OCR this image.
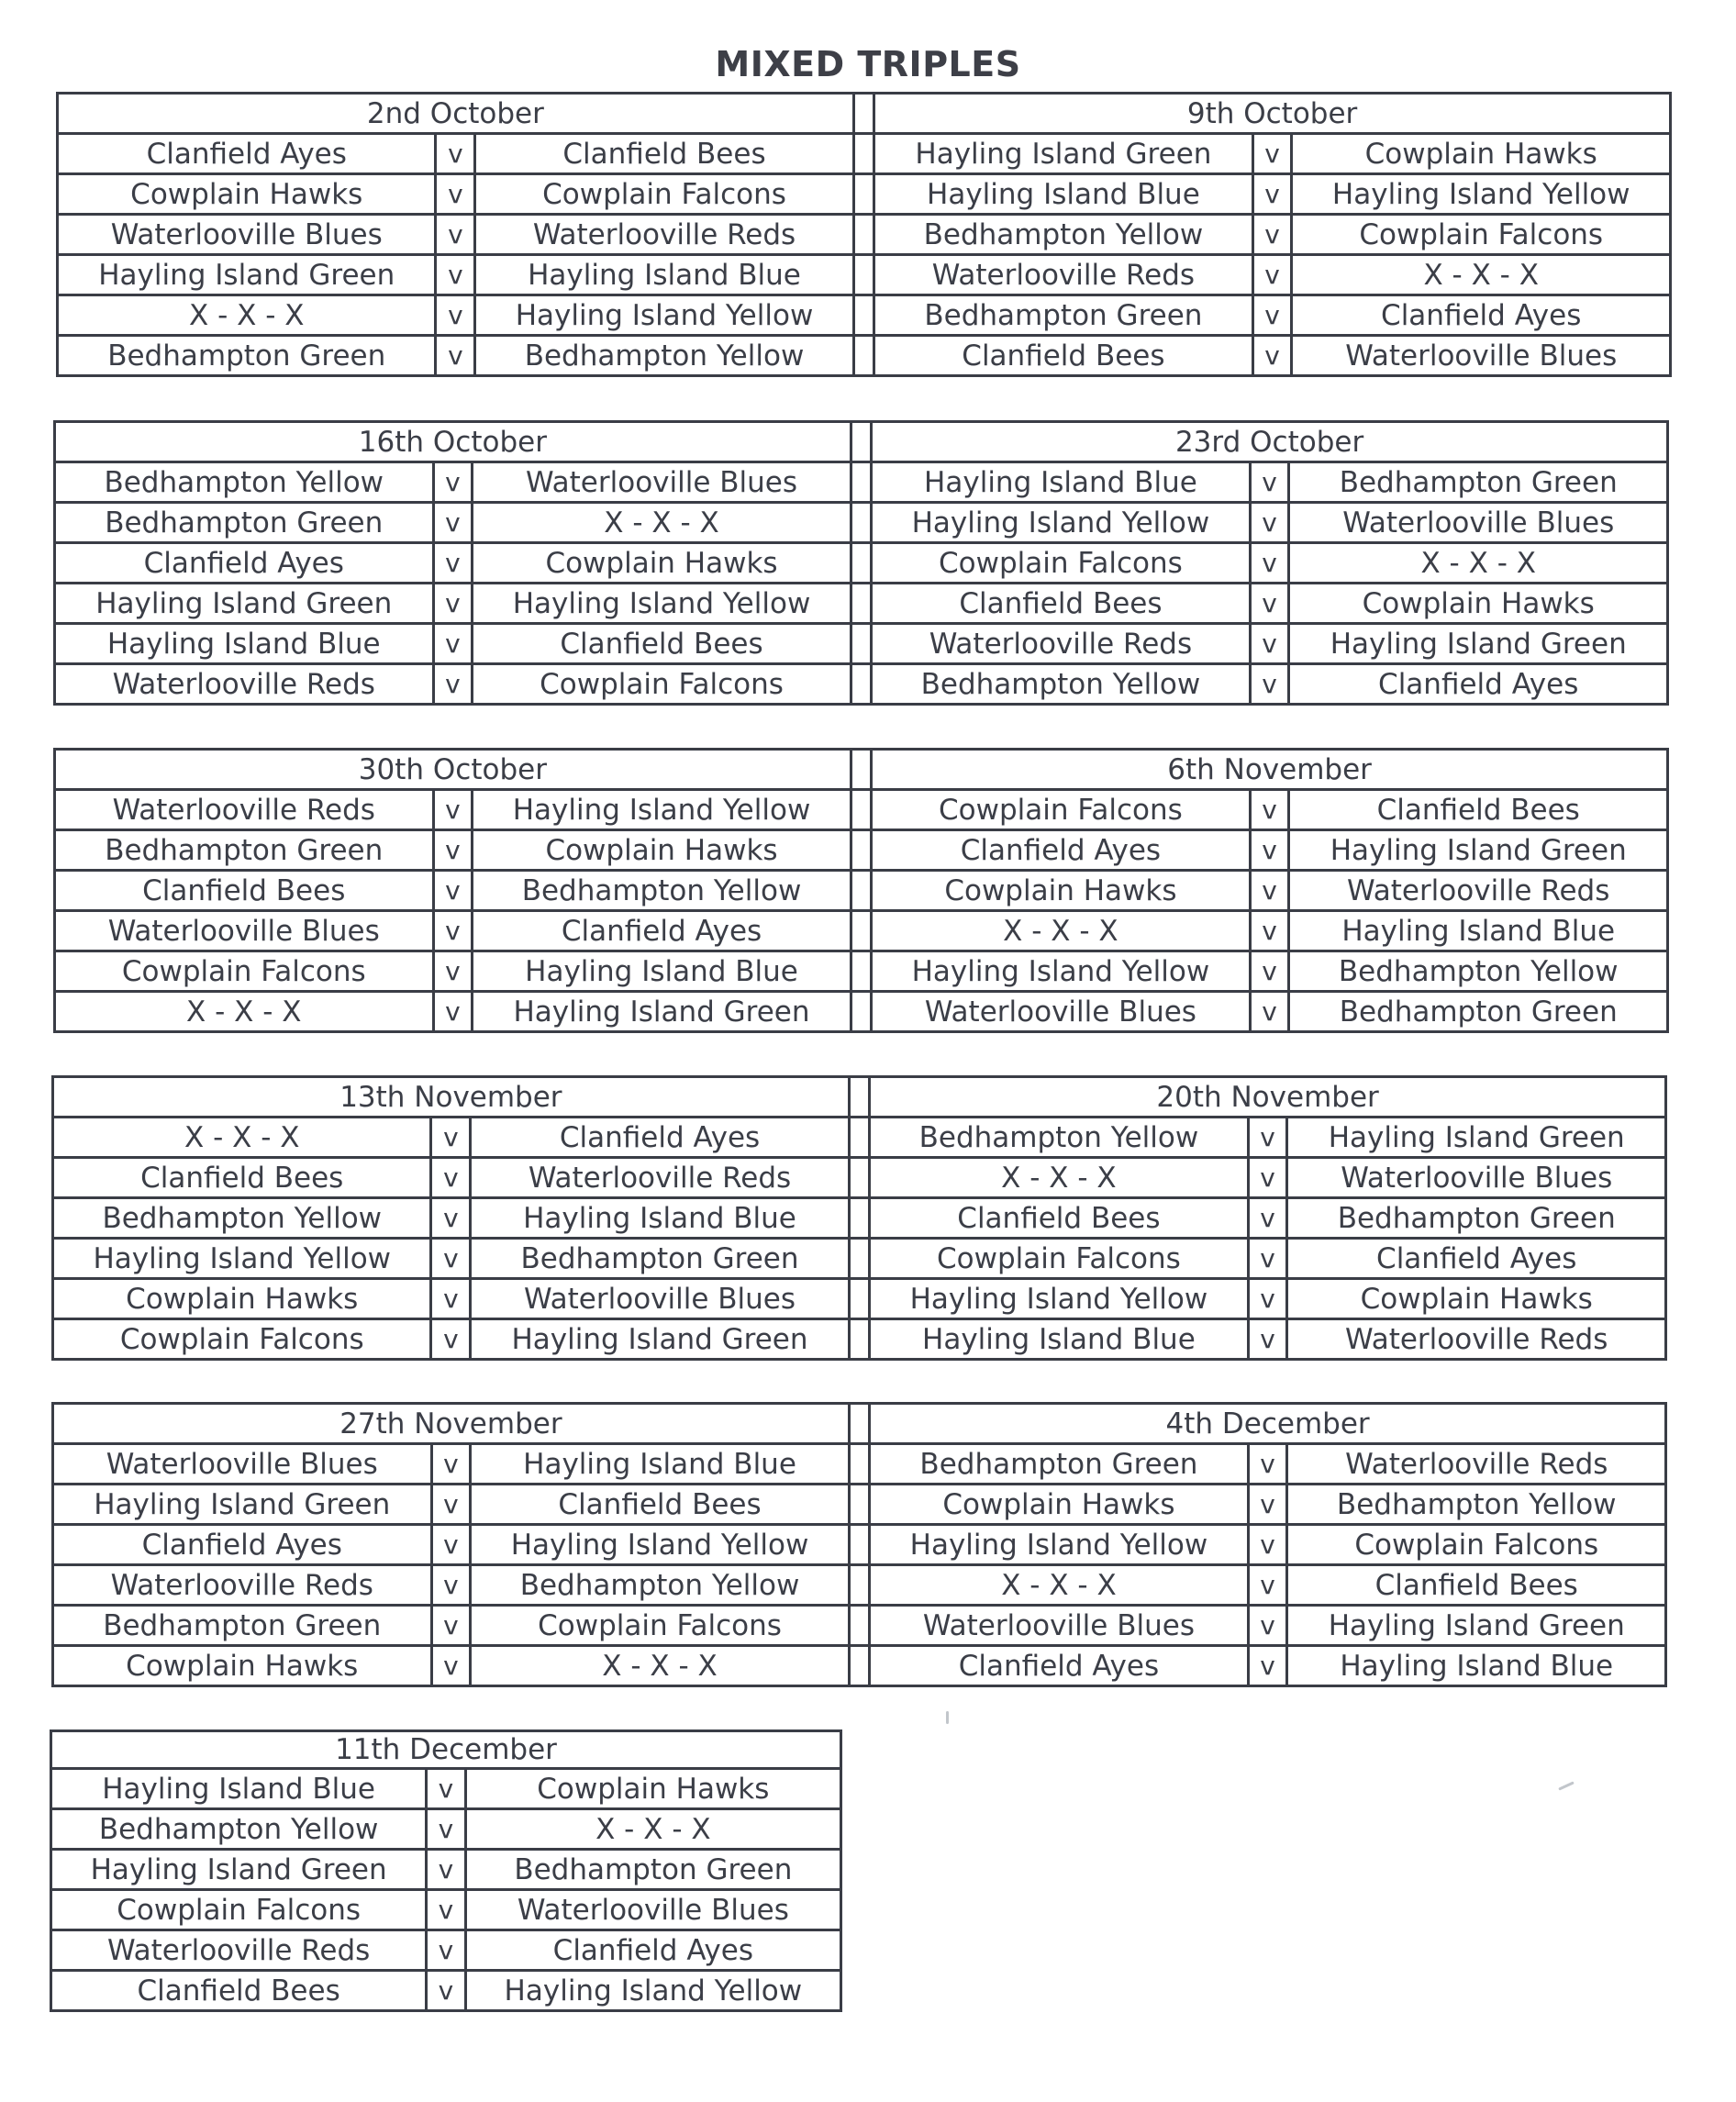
MIXED TRIPLES
2nd October				9th October		
Clanfield Ayes	v	Clanfield Bees		Hayling Island Green	v	Cowplain Hawks
Cowplain Hawks	v	Cowplain Falcons		Hayling Island Blue	v	Hayling Island Yellow
Waterlooville Blues	v	Waterlooville Reds		Bedhampton Yellow	v	Cowplain Falcons
Hayling Island Green	v	Hayling Island Blue		Waterlooville Reds	v	X - X - X
X - X - X	v	Hayling Island Yellow		Bedhampton Green	v	Clanfield Ayes
Bedhampton Green	v	Bedhampton Yellow		Clanfield Bees	v	Waterlooville Blues
16th October				23rd October		
Bedhampton Yellow	v	Waterlooville Blues		Hayling Island Blue	v	Bedhampton Green
Bedhampton Green	v	X - X - X		Hayling Island Yellow	v	Waterlooville Blues
Clanfield Ayes	v	Cowplain Hawks		Cowplain Falcons	v	X - X - X
Hayling Island Green	v	Hayling Island Yellow		Clanfield Bees	v	Cowplain Hawks
Hayling Island Blue	v	Clanfield Bees		Waterlooville Reds	v	Hayling Island Green
Waterlooville Reds	v	Cowplain Falcons		Bedhampton Yellow	v	Clanfield Ayes
30th October				6th November		
Waterlooville Reds	v	Hayling Island Yellow		Cowplain Falcons	v	Clanfield Bees
Bedhampton Green	v	Cowplain Hawks		Clanfield Ayes	v	Hayling Island Green
Clanfield Bees	v	Bedhampton Yellow		Cowplain Hawks	v	Waterlooville Reds
Waterlooville Blues	v	Clanfield Ayes		X - X - X	v	Hayling Island Blue
Cowplain Falcons	v	Hayling Island Blue		Hayling Island Yellow	v	Bedhampton Yellow
X - X - X	v	Hayling Island Green		Waterlooville Blues	v	Bedhampton Green
13th November				20th November		
X - X - X	v	Clanfield Ayes		Bedhampton Yellow	v	Hayling Island Green
Clanfield Bees	v	Waterlooville Reds		X - X - X	v	Waterlooville Blues
Bedhampton Yellow	v	Hayling Island Blue		Clanfield Bees	v	Bedhampton Green
Hayling Island Yellow	v	Bedhampton Green		Cowplain Falcons	v	Clanfield Ayes
Cowplain Hawks	v	Waterlooville Blues		Hayling Island Yellow	v	Cowplain Hawks
Cowplain Falcons	v	Hayling Island Green		Hayling Island Blue	v	Waterlooville Reds
27th November				4th December		
Waterlooville Blues	v	Hayling Island Blue		Bedhampton Green	v	Waterlooville Reds
Hayling Island Green	v	Clanfield Bees		Cowplain Hawks	v	Bedhampton Yellow
Clanfield Ayes	v	Hayling Island Yellow		Hayling Island Yellow	v	Cowplain Falcons
Waterlooville Reds	v	Bedhampton Yellow		X - X - X	v	Clanfield Bees
Bedhampton Green	v	Cowplain Falcons		Waterlooville Blues	v	Hayling Island Green
Cowplain Hawks	v	X - X - X		Clanfield Ayes	v	Hayling Island Blue
11th December		
Hayling Island Blue	v	Cowplain Hawks
Bedhampton Yellow	v	X - X - X
Hayling Island Green	v	Bedhampton Green
Cowplain Falcons	v	Waterlooville Blues
Waterlooville Reds	v	Clanfield Ayes
Clanfield Bees	v	Hayling Island Yellow
